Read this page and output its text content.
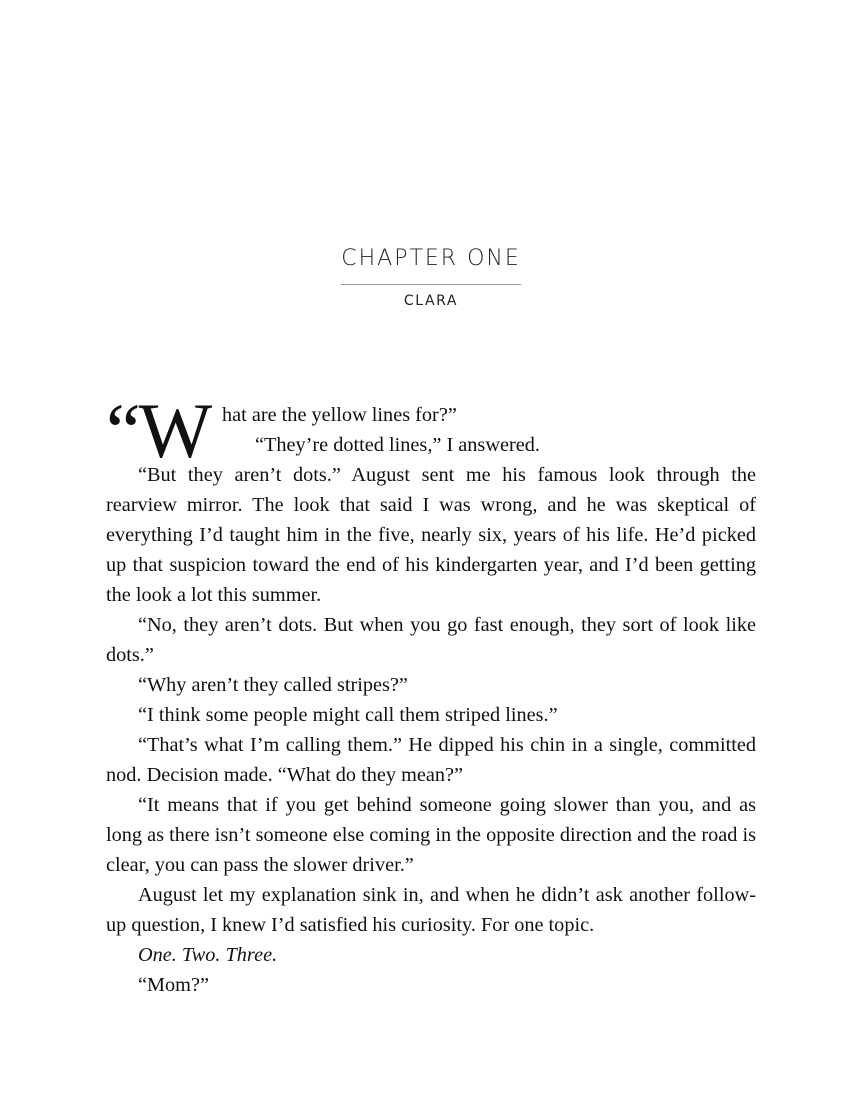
CHAPTER ONE
CLARA
“W hat are the yellow lines for?”
“They’re dotted lines,” I answered.

“But they aren’t dots.” August sent me his famous look through the rearview mirror. The look that said I was wrong, and he was skeptical of everything I’d taught him in the five, nearly six, years of his life. He’d picked up that suspicion toward the end of his kindergarten year, and I’d been getting the look a lot this summer.

“No, they aren’t dots. But when you go fast enough, they sort of look like dots.”

“Why aren’t they called stripes?”

“I think some people might call them striped lines.”

“That’s what I’m calling them.” He dipped his chin in a single, committed nod. Decision made. “What do they mean?”

“It means that if you get behind someone going slower than you, and as long as there isn’t someone else coming in the opposite direction and the road is clear, you can pass the slower driver.”

August let my explanation sink in, and when he didn’t ask another follow-up question, I knew I’d satisfied his curiosity. For one topic.

One. Two. Three.

“Mom?”
